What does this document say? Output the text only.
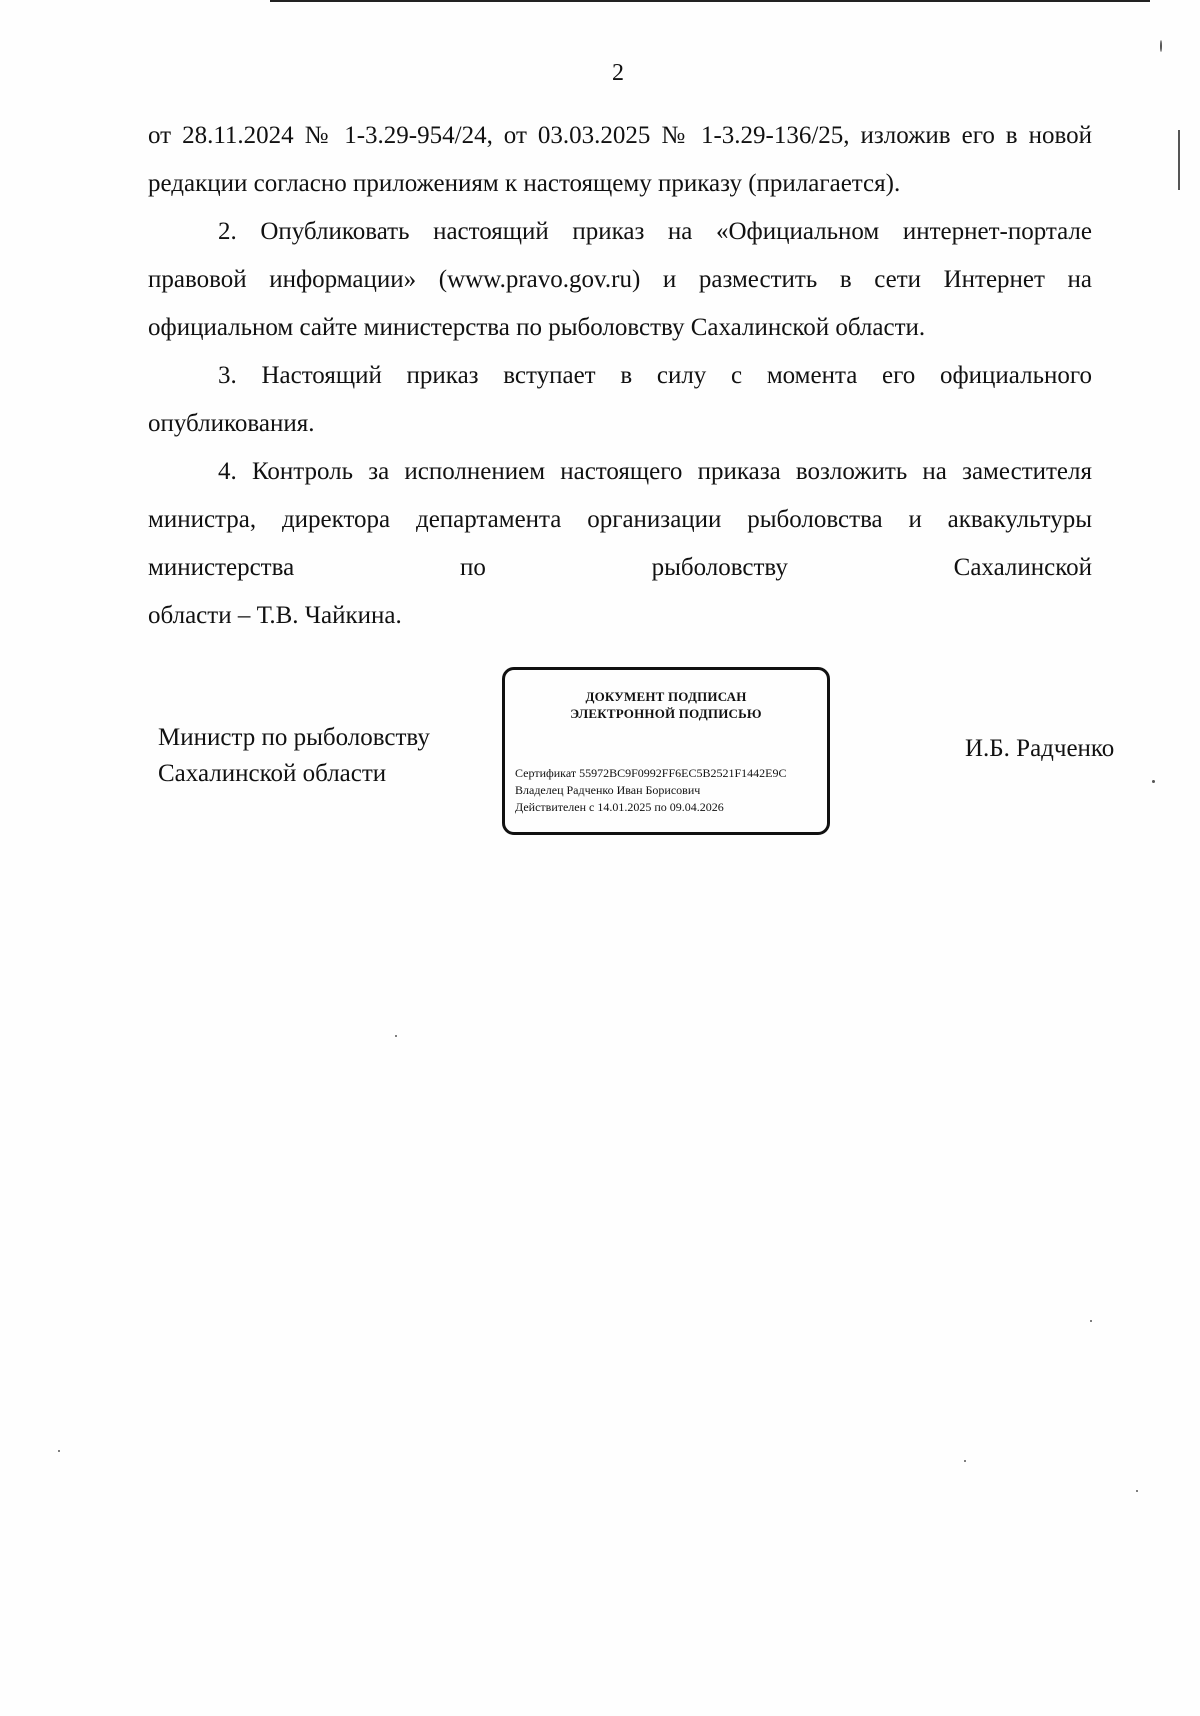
2

от 28.11.2024 № 1-3.29-954/24, от 03.03.2025 № 1-3.29-136/25, изложив его в новой редакции согласно приложениям к настоящему приказу (прилагается).

2. Опубликовать настоящий приказ на «Официальном интернет-портале правовой информации» (www.pravo.gov.ru) и разместить в сети Интернет на официальном сайте министерства по рыболовству Сахалинской области.

3. Настоящий приказ вступает в силу с момента его официального опубликования.

4. Контроль за исполнением настоящего приказа возложить на заместителя министра, директора департамента организации рыболовства и аквакультуры министерства по рыболовству Сахалинской

области – Т.В. Чайкина.

Министр по рыболовству
Сахалинской области
ДОКУМЕНТ ПОДПИСАН
ЭЛЕКТРОННОЙ ПОДПИСЬЮ
Сертификат 55972BC9F0992FF6EC5B2521F1442E9C
Владелец Радченко Иван Борисович
Действителен с 14.01.2025 по 09.04.2026
И.Б. Радченко
